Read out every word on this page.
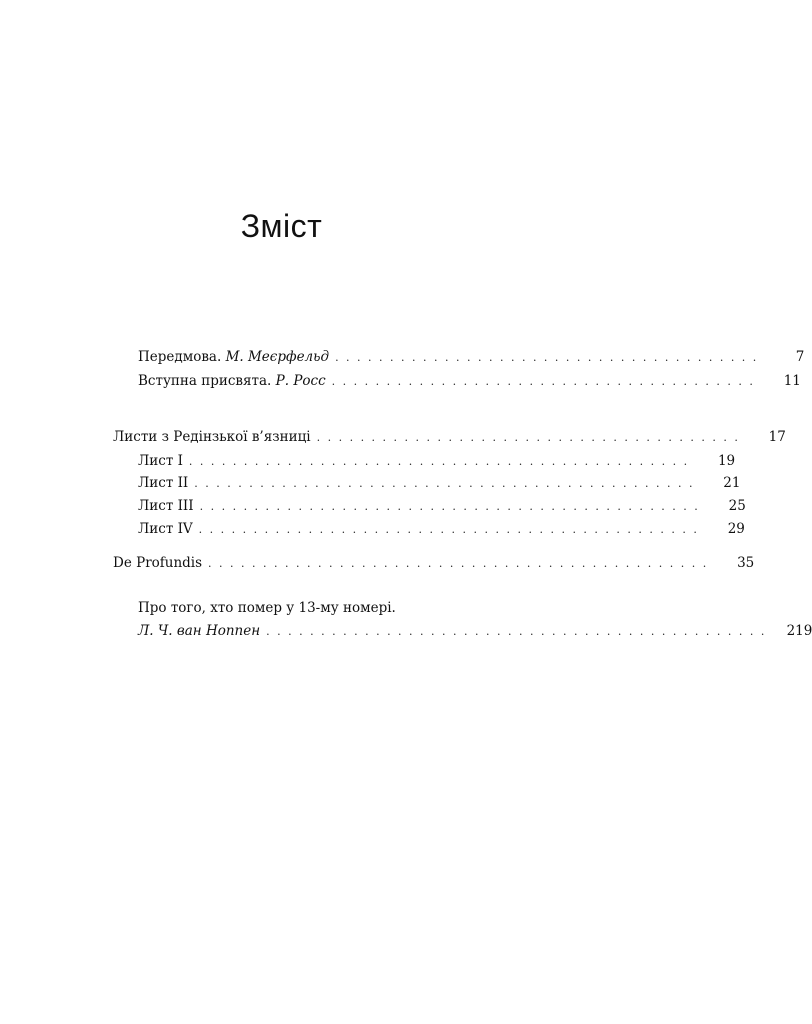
Зміст
Передмова. М. Меєрфельд . . . . . . . . . . . . . . . . . . . . . . . . . . . . . . . . . . . . . . .	7
Вступна присвята. Р. Росс . . . . . . . . . . . . . . . . . . . . . . . . . . . . . . . . . . . . . . .	11
Листи з Редінзької в’язниці . . . . . . . . . . . . . . . . . . . . . . . . . . . . . . . . . . . . . . .	17
Лист I . . . . . . . . . . . . . . . . . . . . . . . . . . . . . . . . . . . . . . . . . . . . . .	19
Лист II . . . . . . . . . . . . . . . . . . . . . . . . . . . . . . . . . . . . . . . . . . . . . .	21
Лист III . . . . . . . . . . . . . . . . . . . . . . . . . . . . . . . . . . . . . . . . . . . . . .	25
Лист IV . . . . . . . . . . . . . . . . . . . . . . . . . . . . . . . . . . . . . . . . . . . . . .	29
De Profundis . . . . . . . . . . . . . . . . . . . . . . . . . . . . . . . . . . . . . . . . . . . . . .	35
Про того, хто помер у 13-му номері.
Л. Ч. ван Ноппен . . . . . . . . . . . . . . . . . . . . . . . . . . . . . . . . . . . . . . . . . . . . . .	219
